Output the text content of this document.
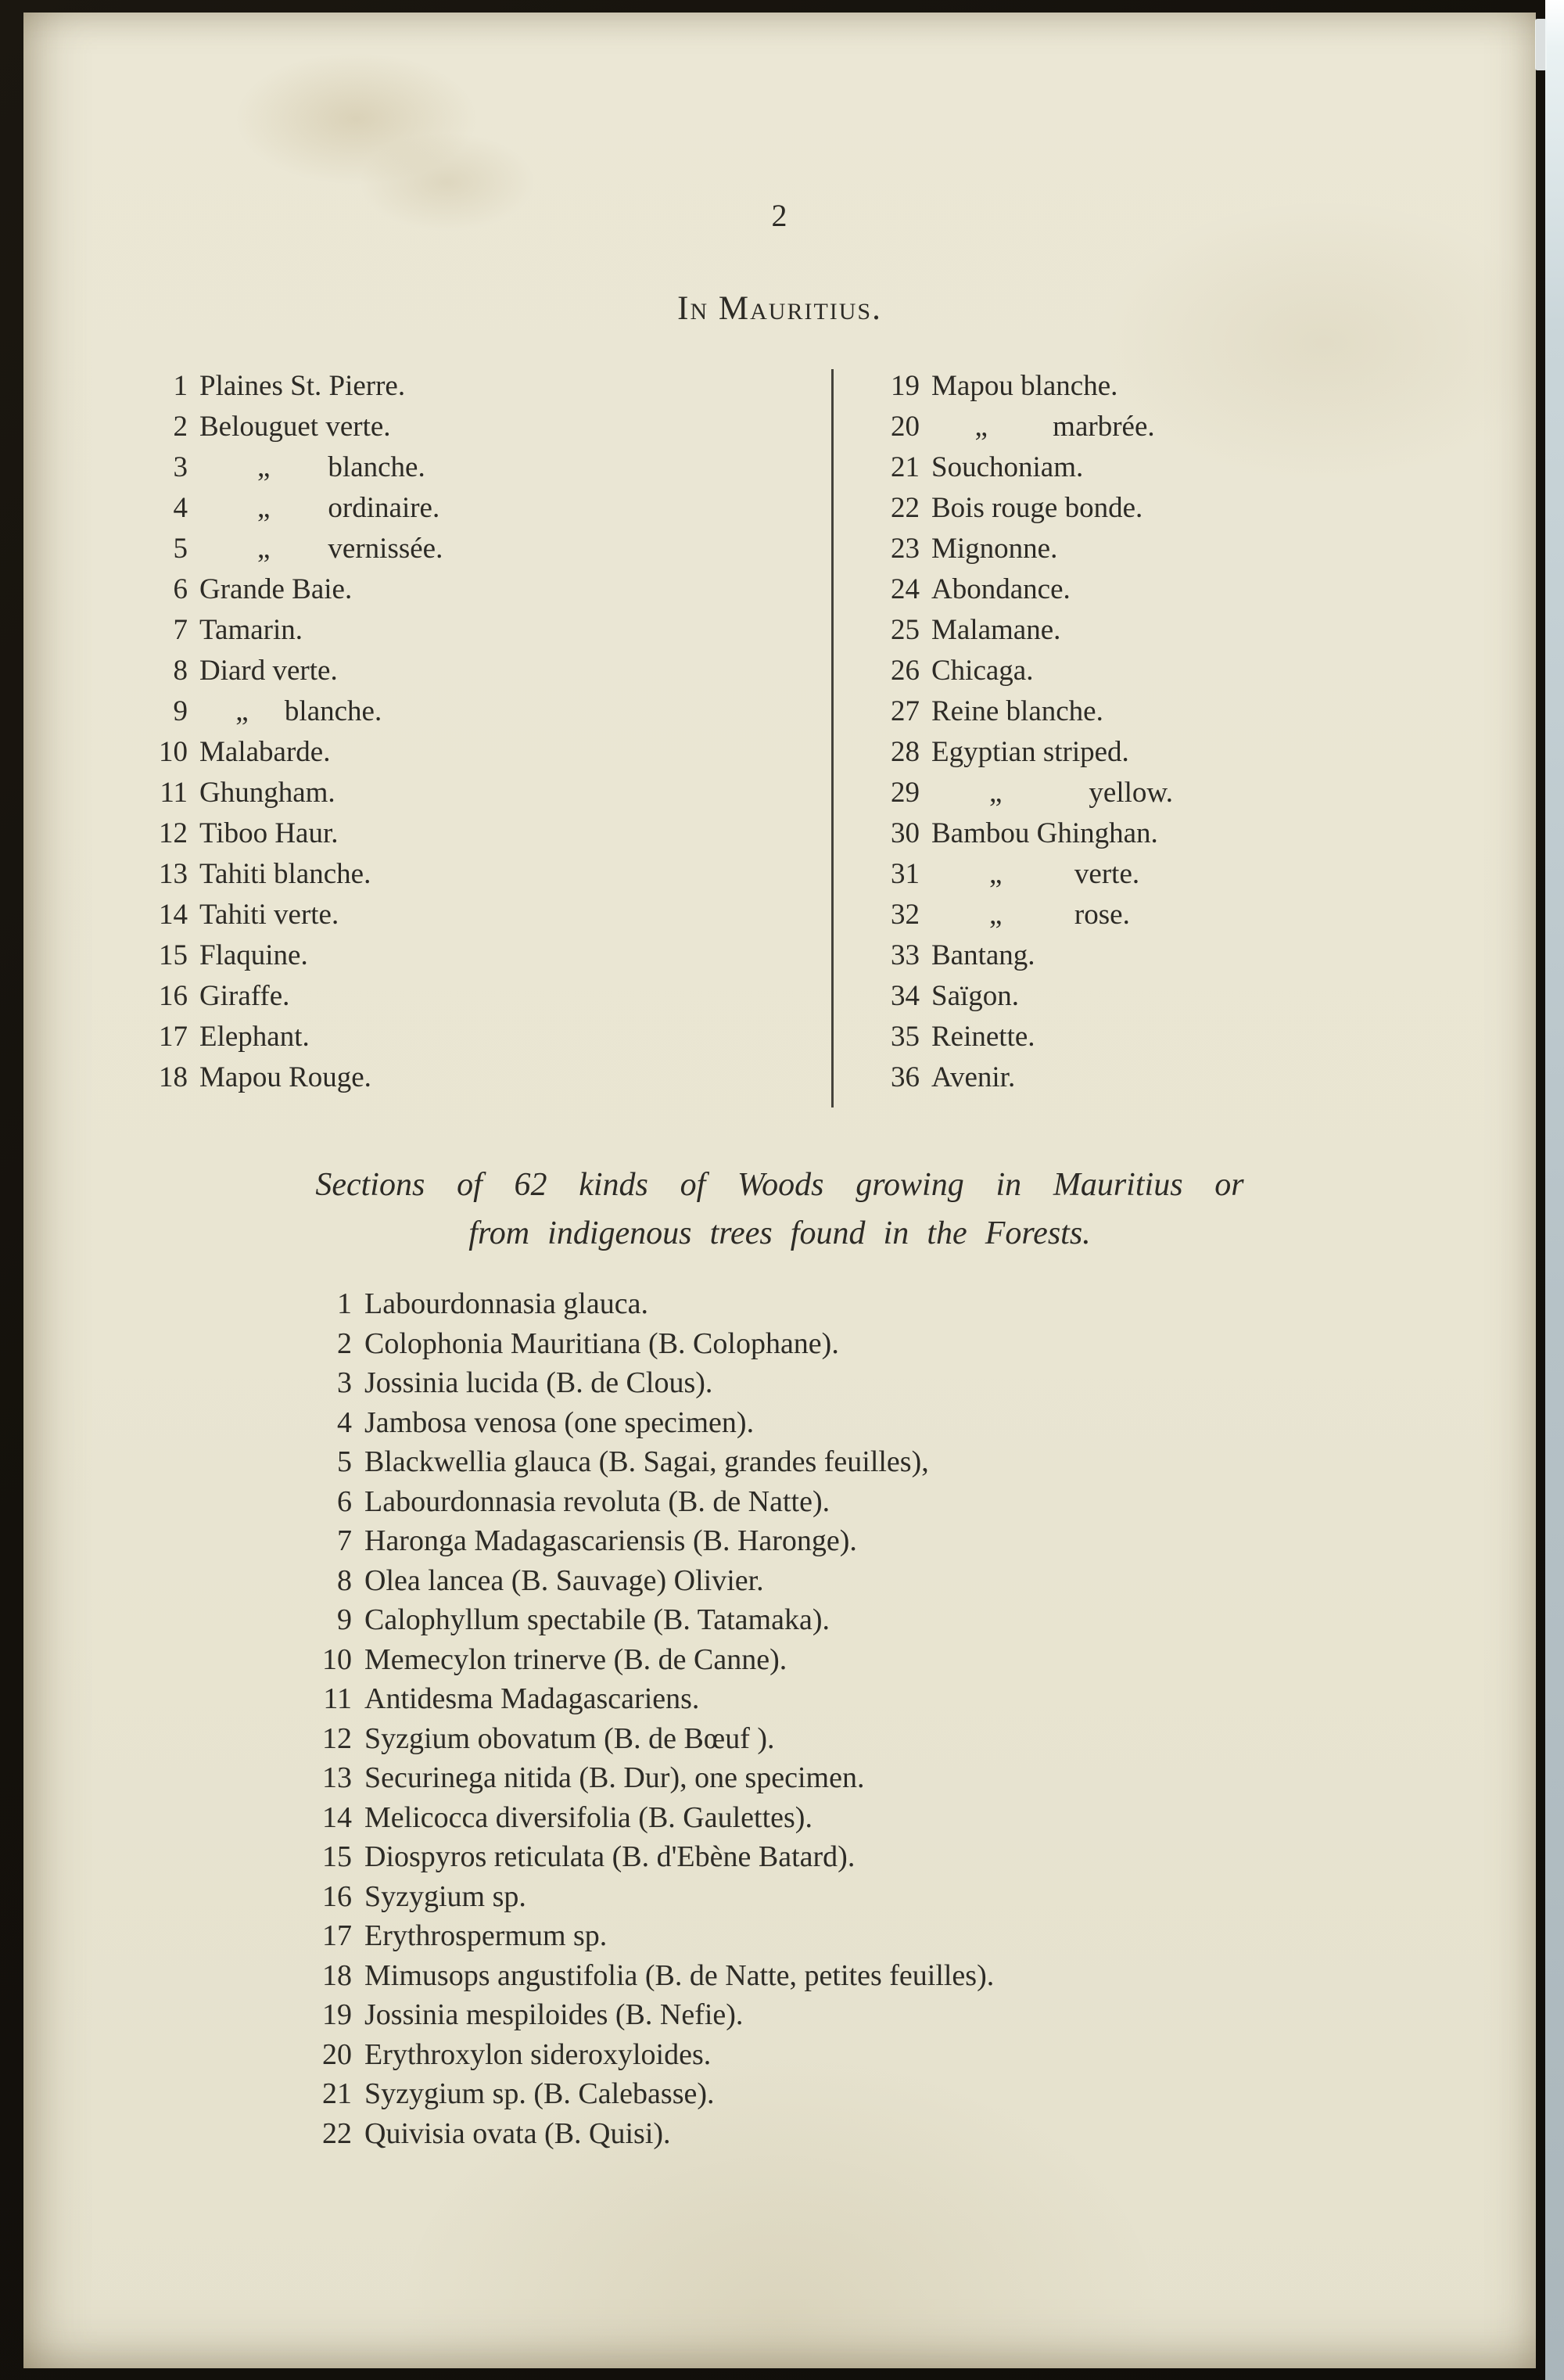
2
In Mauritius.
1 Plaines St. Pierre.
2 Belouguet verte.
3 „        blanche.
4 „        ordinaire.
5 „        vernissée.
6 Grande Baie.
7 Tamarin.
8 Diard verte.
9 „     blanche.
10 Malabarde.
11 Ghungham.
12 Tiboo Haur.
13 Tahiti blanche.
14 Tahiti verte.
15 Flaquine.
16 Giraffe.
17 Elephant.
18 Mapou Rouge.
19 Mapou blanche.
20 „         marbrée.
21 Souchoniam.
22 Bois rouge bonde.
23 Mignonne.
24 Abondance.
25 Malamane.
26 Chicaga.
27 Reine blanche.
28 Egyptian striped.
29 „            yellow.
30 Bambou Ghinghan.
31 „          verte.
32 „          rose.
33 Bantang.
34 Saïgon.
35 Reinette.
36 Avenir.
Sections of 62 kinds of Woods growing in Mauritius or
from indigenous trees found in the Forests.
1 Labourdonnasia glauca.
2 Colophonia Mauritiana (B. Colophane).
3 Jossinia lucida (B. de Clous).
4 Jambosa venosa (one specimen).
5 Blackwellia glauca (B. Sagai, grandes feuilles),
6 Labourdonnasia revoluta (B. de Natte).
7 Haronga Madagascariensis (B. Haronge).
8 Olea lancea (B. Sauvage) Olivier.
9 Calophyllum spectabile (B. Tatamaka).
10 Memecylon trinerve (B. de Canne).
11 Antidesma Madagascariens.
12 Syzgium obovatum (B. de Bœuf ).
13 Securinega nitida (B. Dur), one specimen.
14 Melicocca diversifolia (B. Gaulettes).
15 Diospyros reticulata (B. d'Ebène Batard).
16 Syzygium sp.
17 Erythrospermum sp.
18 Mimusops angustifolia (B. de Natte, petites feuilles).
19 Jossinia mespiloides (B. Nefie).
20 Erythroxylon sideroxyloides.
21 Syzygium sp. (B. Calebasse).
22 Quivisia ovata (B. Quisi).
